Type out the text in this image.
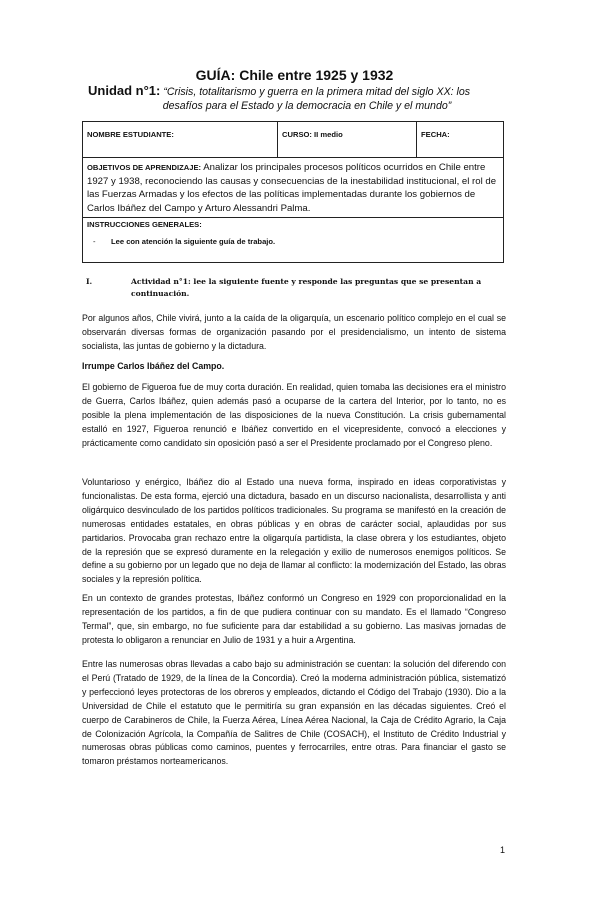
GUÍA: Chile entre 1925 y 1932
Unidad n°1: “Crisis, totalitarismo y guerra en la primera mitad del siglo XX: los
desafíos para el Estado y la democracia en Chile y el mundo”
NOMBRE ESTUDIANTE:	CURSO: II medio	FECHA:
OBJETIVOS DE APRENDIZAJE: Analizar los principales procesos políticos ocurridos en Chile entre 1927 y 1938, reconociendo las causas y consecuencias de la inestabilidad institucional, el rol de las Fuerzas Armadas y los efectos de las políticas implementadas durante los gobiernos de Carlos Ibáñez del Campo y Arturo Alessandri Palma.

INSTRUCCIONES GENERALES:
- Lee con atención la siguiente guía de trabajo.
I.	Actividad n°1: lee la siguiente fuente y responde las preguntas que se presentan a continuación.

Por algunos años, Chile vivirá, junto a la caída de la oligarquía, un escenario político complejo en el cual se observarán diversas formas de organización pasando por el presidencialismo, un intento de sistema socialista, las juntas de gobierno y la dictadura.

Irrumpe Carlos Ibáñez del Campo.

El gobierno de Figueroa fue de muy corta duración. En realidad, quien tomaba las decisiones era el ministro de Guerra, Carlos Ibáñez, quien además pasó a ocuparse de la cartera del Interior, por lo tanto, no es posible la plena implementación de las disposiciones de la nueva Constitución. La crisis gubernamental estalló en 1927, Figueroa renunció e Ibáñez convertido en el vicepresidente, convocó a elecciones y prácticamente como candidato sin oposición pasó a ser el Presidente proclamado por el Congreso pleno.

Voluntarioso y enérgico, Ibáñez dio al Estado una nueva forma, inspirado en ideas corporativistas y funcionalistas. De esta forma, ejerció una dictadura, basado en un discurso nacionalista, desarrollista y anti oligárquico desvinculado de los partidos políticos tradicionales. Su programa se manifestó en la creación de numerosas entidades estatales, en obras públicas y en obras de carácter social, aplaudidas por sus partidarios. Provocaba gran rechazo entre la oligarquía partidista, la clase obrera y los estudiantes, objeto de la represión que se expresó duramente en la relegación y exilio de numerosos enemigos políticos. Se define a su gobierno por un legado que no deja de llamar al conflicto: la modernización del Estado, las obras sociales y la represión política.

En un contexto de grandes protestas, Ibáñez conformó un Congreso en 1929 con proporcionalidad en la representación de los partidos, a fin de que pudiera continuar con su mandato. Es el llamado “Congreso Termal”, que, sin embargo, no fue suficiente para dar estabilidad a su gobierno. Las masivas jornadas de protesta lo obligaron a renunciar en Julio de 1931 y a huir a Argentina.

Entre las numerosas obras llevadas a cabo bajo su administración se cuentan: la solución del diferendo con el Perú (Tratado de 1929, de la línea de la Concordia). Creó la moderna administración pública, sistematizó y perfeccionó leyes protectoras de los obreros y empleados, dictando el Código del Trabajo (1930). Dio a la Universidad de Chile el estatuto que le permitiría su gran expansión en las décadas siguientes. Creó el cuerpo de Carabineros de Chile, la Fuerza Aérea, Línea Aérea Nacional, la Caja de Crédito Agrario, la Caja de Colonización Agrícola, la Compañía de Salitres de Chile (COSACH), el Instituto de Crédito Industrial y numerosas obras públicas como caminos, puentes y ferrocarriles, entre otras. Para financiar el gasto se tomaron préstamos norteamericanos.

1
